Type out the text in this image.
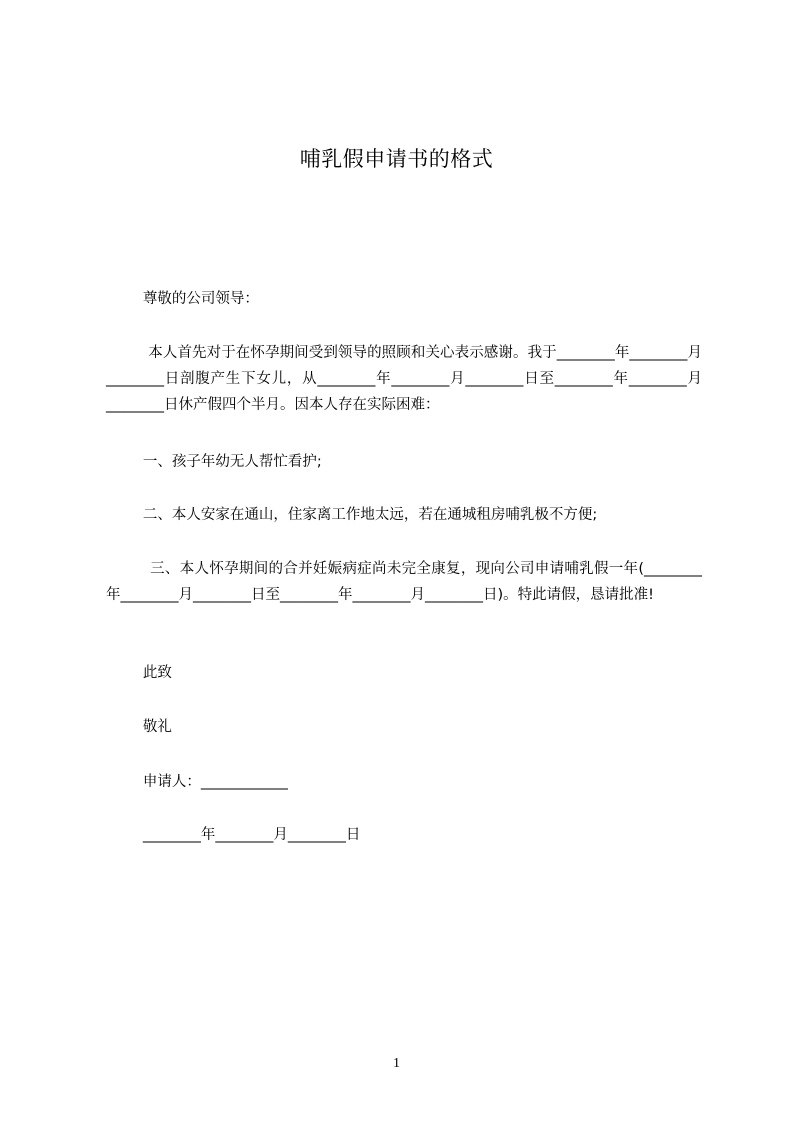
哺乳假申请书的格式

尊敬的公司领导：

本人首先对于在怀孕期间受到领导的照顾和关心表示感谢。我于________年________月________日剖腹产生下女儿，从________年________月________日至________年________月________日休产假四个半月。因本人存在实际困难：

一、孩子年幼无人帮忙看护;

二、本人安家在通山，住家离工作地太远，若在通城租房哺乳极不方便;

三、本人怀孕期间的合并妊娠病症尚未完全康复，现向公司申请哺乳假一年(________年________月________日至________年________月________日)。特此请假，恳请批准!

此致

敬礼

申请人：____________

________年________月________日

1
